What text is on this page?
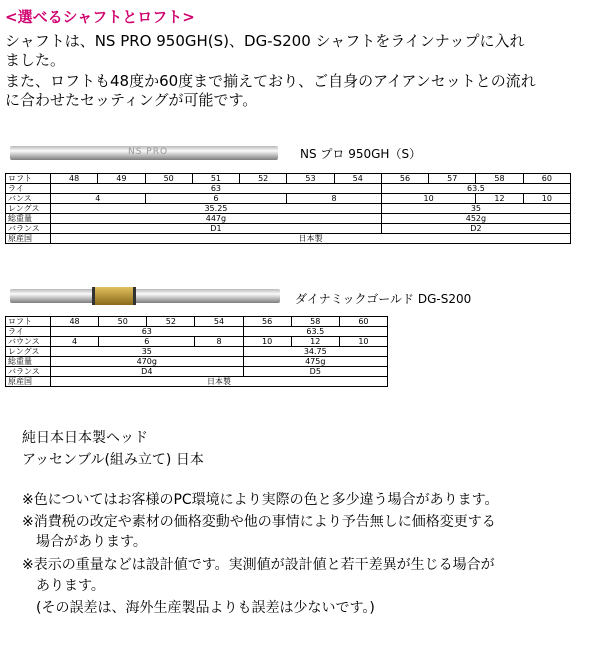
<選べるシャフトとロフト>
シャフトは、NS PRO 950GH(S)、DG-S200 シャフトをラインナップに入れ
ました。
また、ロフトも48度か60度まで揃えており、ご自身のアイアンセットとの流れ
に合わせたセッティングが可能です。
NS PRO	NS プロ 950GH（S）
ロフト	48	49	50	51	52	53	54	56	57	58	60
ライ	63							63.5			
バンス	4		6			8		10		12	10
レングス	35.25							35			
総重量	447g							452g			
バランス	D1							D2			
原産国	日本製										
ダイナミックゴールド DG-S200
ロフト	48	50	52	54	56	58	60
ライ	63				63.5		
バウンス	4	6		8	10	12	10
レングス	35				34.75		
総重量	470g				475g		
バランス	D4				D5		
原産国	日本製						
純日本日本製ヘッド
アッセンブル(組み立て) 日本
※色についてはお客様のPC環境により実際の色と多少違う場合があります。
※消費税の改定や素材の価格変動や他の事情により予告無しに価格変更する
　場合があります。
※表示の重量などは設計値です。実測値が設計値と若干差異が生じる場合が
　あります。
　(その誤差は、海外生産製品よりも誤差は少ないです。)
